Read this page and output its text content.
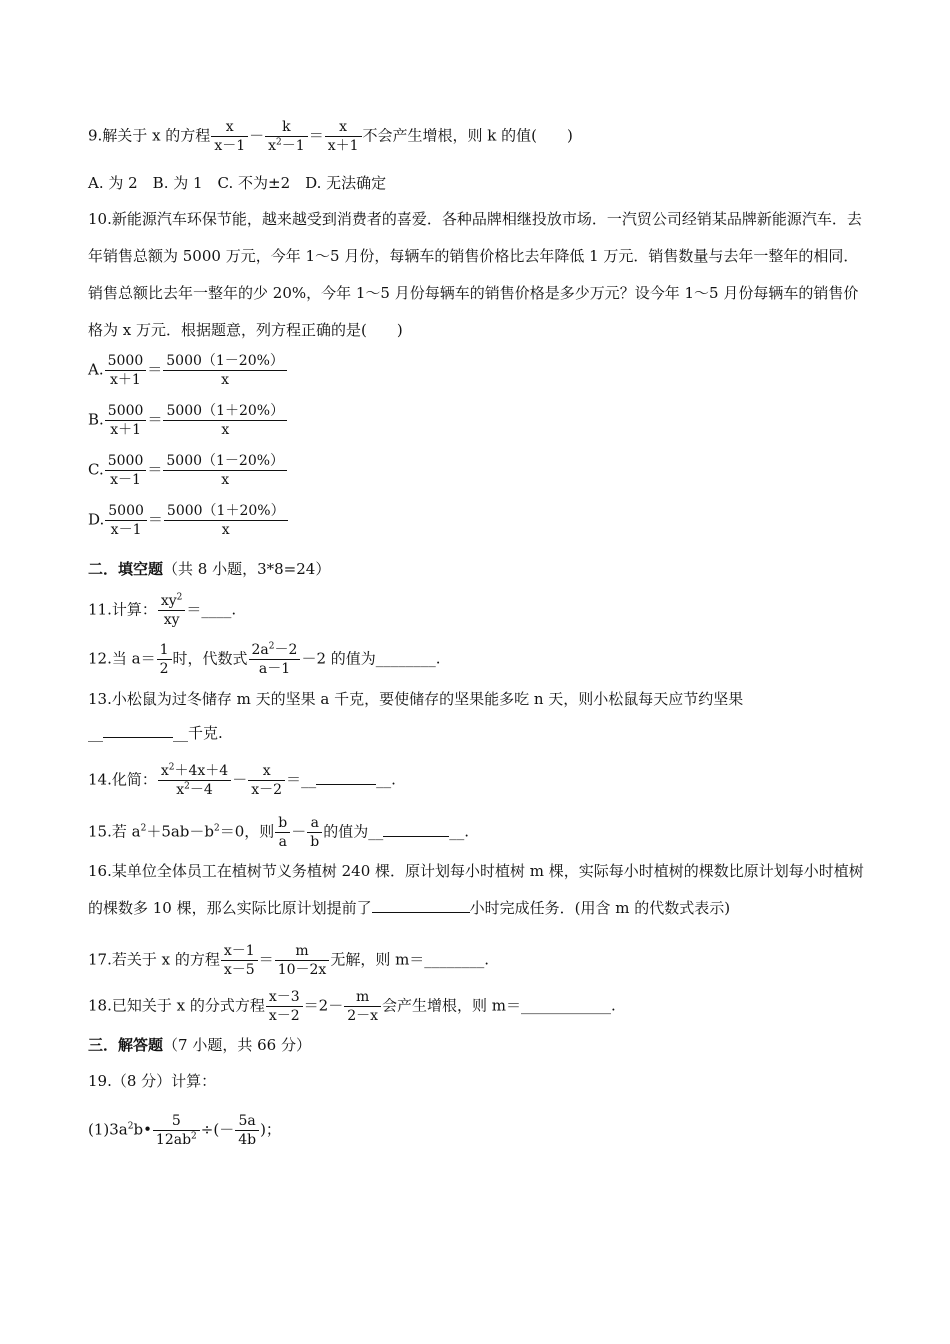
9.解关于 x 的方程 $\frac{x}{x-1} - \frac{k}{x^2-1} = \frac{x}{x+1}$ 不会产生增根，则 k 的值(　　)
A. 为 2　B. 为 1　C. 不为±2　D. 无法确定
10.新能源汽车环保节能，越来越受到消费者的喜爱．各种品牌相继投放市场．一汽贸公司经销某品牌新能源汽车．去年销售总额为 5000 万元，今年 1～5 月份，每辆车的销售价格比去年降低 1 万元．销售数量与去年一整年的相同．销售总额比去年一整年的少 20%，今年 1～5 月份每辆车的销售价格是多少万元？设今年 1～5 月份每辆车的销售价格为 x 万元．根据题意，列方程正确的是(　　)
A. $\frac{5000}{x+1} = \frac{5000(1-20\%)}{x}$
B. $\frac{5000}{x+1} = \frac{5000(1+20\%)}{x}$
C. $\frac{5000}{x-1} = \frac{5000(1-20\%)}{x}$
D. $\frac{5000}{x-1} = \frac{5000(1+20\%)}{x}$
二．填空题（共 8 小题，3*8=24）
11.计算： $\frac{xy^2}{xy}$ ＝____.
12.当 $a= \frac{1}{2}$ 时，代数式 $\frac{2a^2-2}{a-1} -2$ 的值为________.
13.小松鼠为过冬储存 m 天的坚果 a 千克，要使储存的坚果能多吃 n 天，则小松鼠每天应节约坚果
__	__千克.
14.化简： $\frac{x^2+4x+4}{x^2-4} - \frac{x}{x-2}$ ＝__	__.
15.若 $a^2+5ab-b^2=0$，则 $\frac{b}{a} - \frac{a}{b}$ 的值为__	__.
16.某单位全体员工在植树节义务植树 240 棵．原计划每小时植树 m 棵，实际每小时植树的棵数比原计划每小时植树的棵数多 10 棵，那么实际比原计划提前了	小时完成任务．(用含 m 的代数式表示)
17.若关于 x 的方程 $\frac{x-1}{x-5} = \frac{m}{10-2x}$ 无解，则 m＝________.
18.已知关于 x 的分式方程 $\frac{x-3}{x-2} =2- \frac{m}{2-x}$ 会产生增根，则 m＝____________.
三．解答题（7 小题，共 66 分）
19.（8 分）计算：
$(1)3a^2b• \frac{5}{12ab^2}$ ÷(－ $\frac{5a}{4b}$ )；
